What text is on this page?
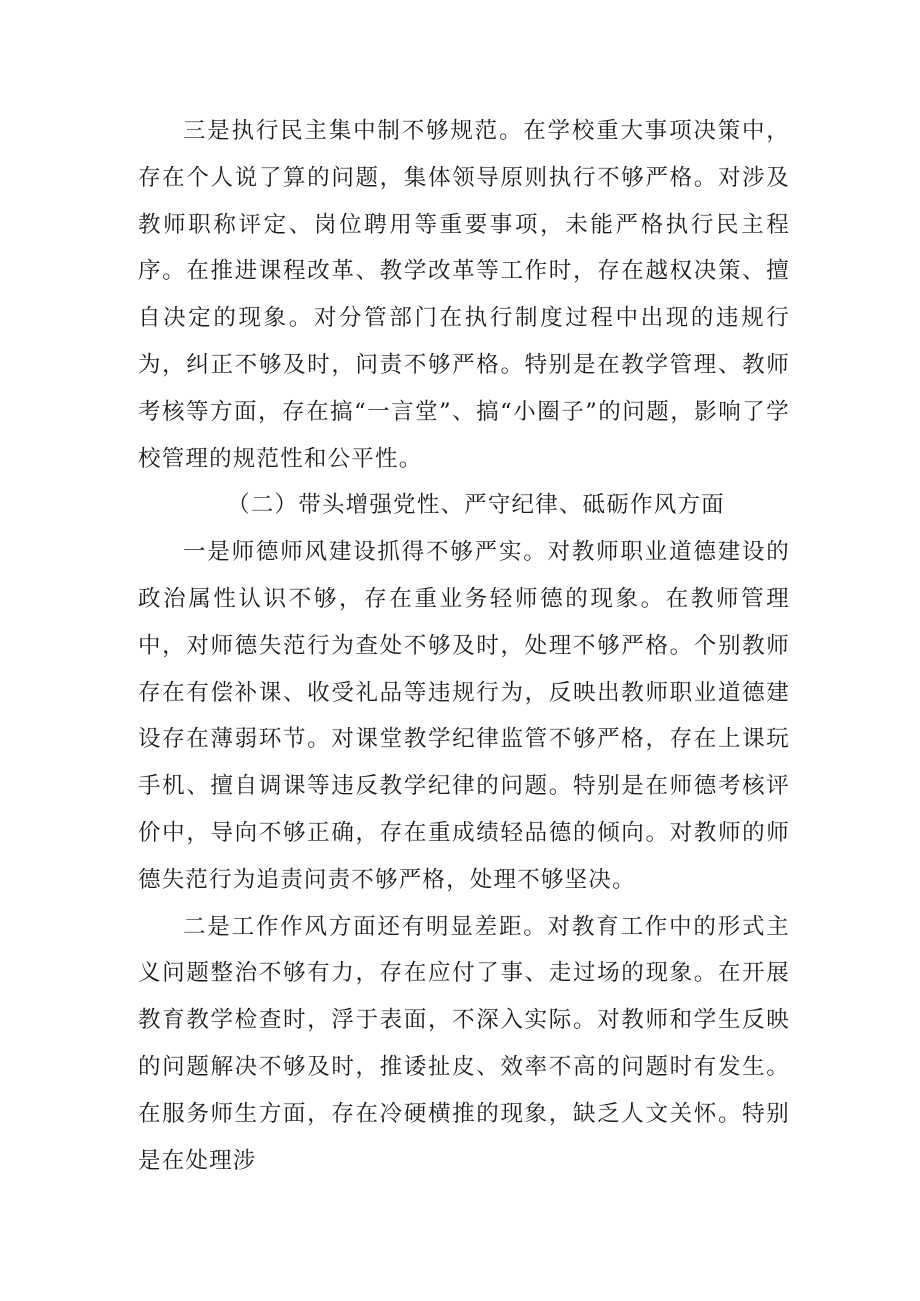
三是执行民主集中制不够规范。在学校重大事项决策中，存在个人说了算的问题，集体领导原则执行不够严格。对涉及教师职称评定、岗位聘用等重要事项，未能严格执行民主程序。在推进课程改革、教学改革等工作时，存在越权决策、擅自决定的现象。对分管部门在执行制度过程中出现的违规行为，纠正不够及时，问责不够严格。特别是在教学管理、教师考核等方面，存在搞“一言堂”、搞“小圈子”的问题，影响了学校管理的规范性和公平性。

（二）带头增强党性、严守纪律、砥砺作风方面

一是师德师风建设抓得不够严实。对教师职业道德建设的政治属性认识不够，存在重业务轻师德的现象。在教师管理中，对师德失范行为查处不够及时，处理不够严格。个别教师存在有偿补课、收受礼品等违规行为，反映出教师职业道德建设存在薄弱环节。对课堂教学纪律监管不够严格，存在上课玩手机、擅自调课等违反教学纪律的问题。特别是在师德考核评价中，导向不够正确，存在重成绩轻品德的倾向。对教师的师德失范行为追责问责不够严格，处理不够坚决。

二是工作作风方面还有明显差距。对教育工作中的形式主义问题整治不够有力，存在应付了事、走过场的现象。在开展教育教学检查时，浮于表面，不深入实际。对教师和学生反映的问题解决不够及时，推诿扯皮、效率不高的问题时有发生。在服务师生方面，存在冷硬横推的现象，缺乏人文关怀。特别是在处理涉
